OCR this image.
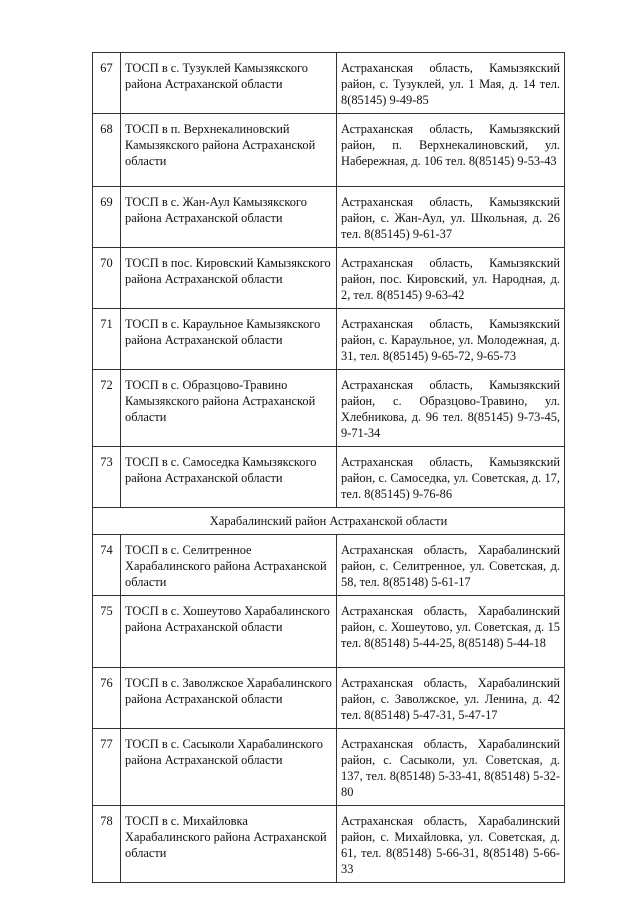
67	ТОСП в с. Тузуклей Камызякского района Астраханской области	Астраханская область, Камызякский район, с. Тузуклей, ул. 1 Мая, д. 14 тел. 8(85145) 9-49-85
68	ТОСП в п. Верхнекалиновский Камызякского района Астраханской области	Астраханская область, Камызякский район, п. Верхнекалиновский, ул. Набережная, д. 106 тел. 8(85145) 9-53-43
69	ТОСП в с. Жан-Аул Камызякского района Астраханской области	Астраханская область, Камызякский район, с. Жан-Аул, ул. Школьная, д. 26 тел. 8(85145) 9-61-37
70	ТОСП в пос. Кировский Камызякского района Астраханской области	Астраханская область, Камызякский район, пос. Кировский, ул. Народная, д. 2, тел. 8(85145) 9-63-42
71	ТОСП в с. Караульное Камызякского района Астраханской области	Астраханская область, Камызякский район, с. Караульное, ул. Молодежная, д. 31, тел. 8(85145) 9-65-72, 9-65-73
72	ТОСП в с. Образцово-Травино Камызякского района Астраханской области	Астраханская область, Камызякский район, с. Образцово-Травино, ул. Хлебникова, д. 96 тел. 8(85145) 9-73-45, 9-71-34
73	ТОСП в с. Самоседка Камызякского района Астраханской области	Астраханская область, Камызякский район, с. Самоседка, ул. Советская, д. 17, тел. 8(85145) 9-76-86
Харабалинский район Астраханской области		
74	ТОСП в с. Селитренное Харабалинского района Астраханской области	Астраханская область, Харабалинский район, с. Селитренное, ул. Советская, д. 58, тел. 8(85148) 5-61-17
75	ТОСП в с. Хошеутово Харабалинского района Астраханской области	Астраханская область, Харабалинский район, с. Хошеутово, ул. Советская, д. 15 тел. 8(85148) 5-44-25, 8(85148) 5-44-18
76	ТОСП в с. Заволжское Харабалинского района Астраханской области	Астраханская область, Харабалинский район, с. Заволжское, ул. Ленина, д. 42 тел. 8(85148) 5-47-31, 5-47-17
77	ТОСП в с. Сасыколи Харабалинского района Астраханской области	Астраханская область, Харабалинский район, с. Сасыколи, ул. Советская, д. 137, тел. 8(85148) 5-33-41, 8(85148) 5-32-80
78	ТОСП в с. Михайловка Харабалинского района Астраханской области	Астраханская область, Харабалинский район, с. Михайловка, ул. Советская, д. 61, тел. 8(85148) 5-66-31, 8(85148) 5-66-33
